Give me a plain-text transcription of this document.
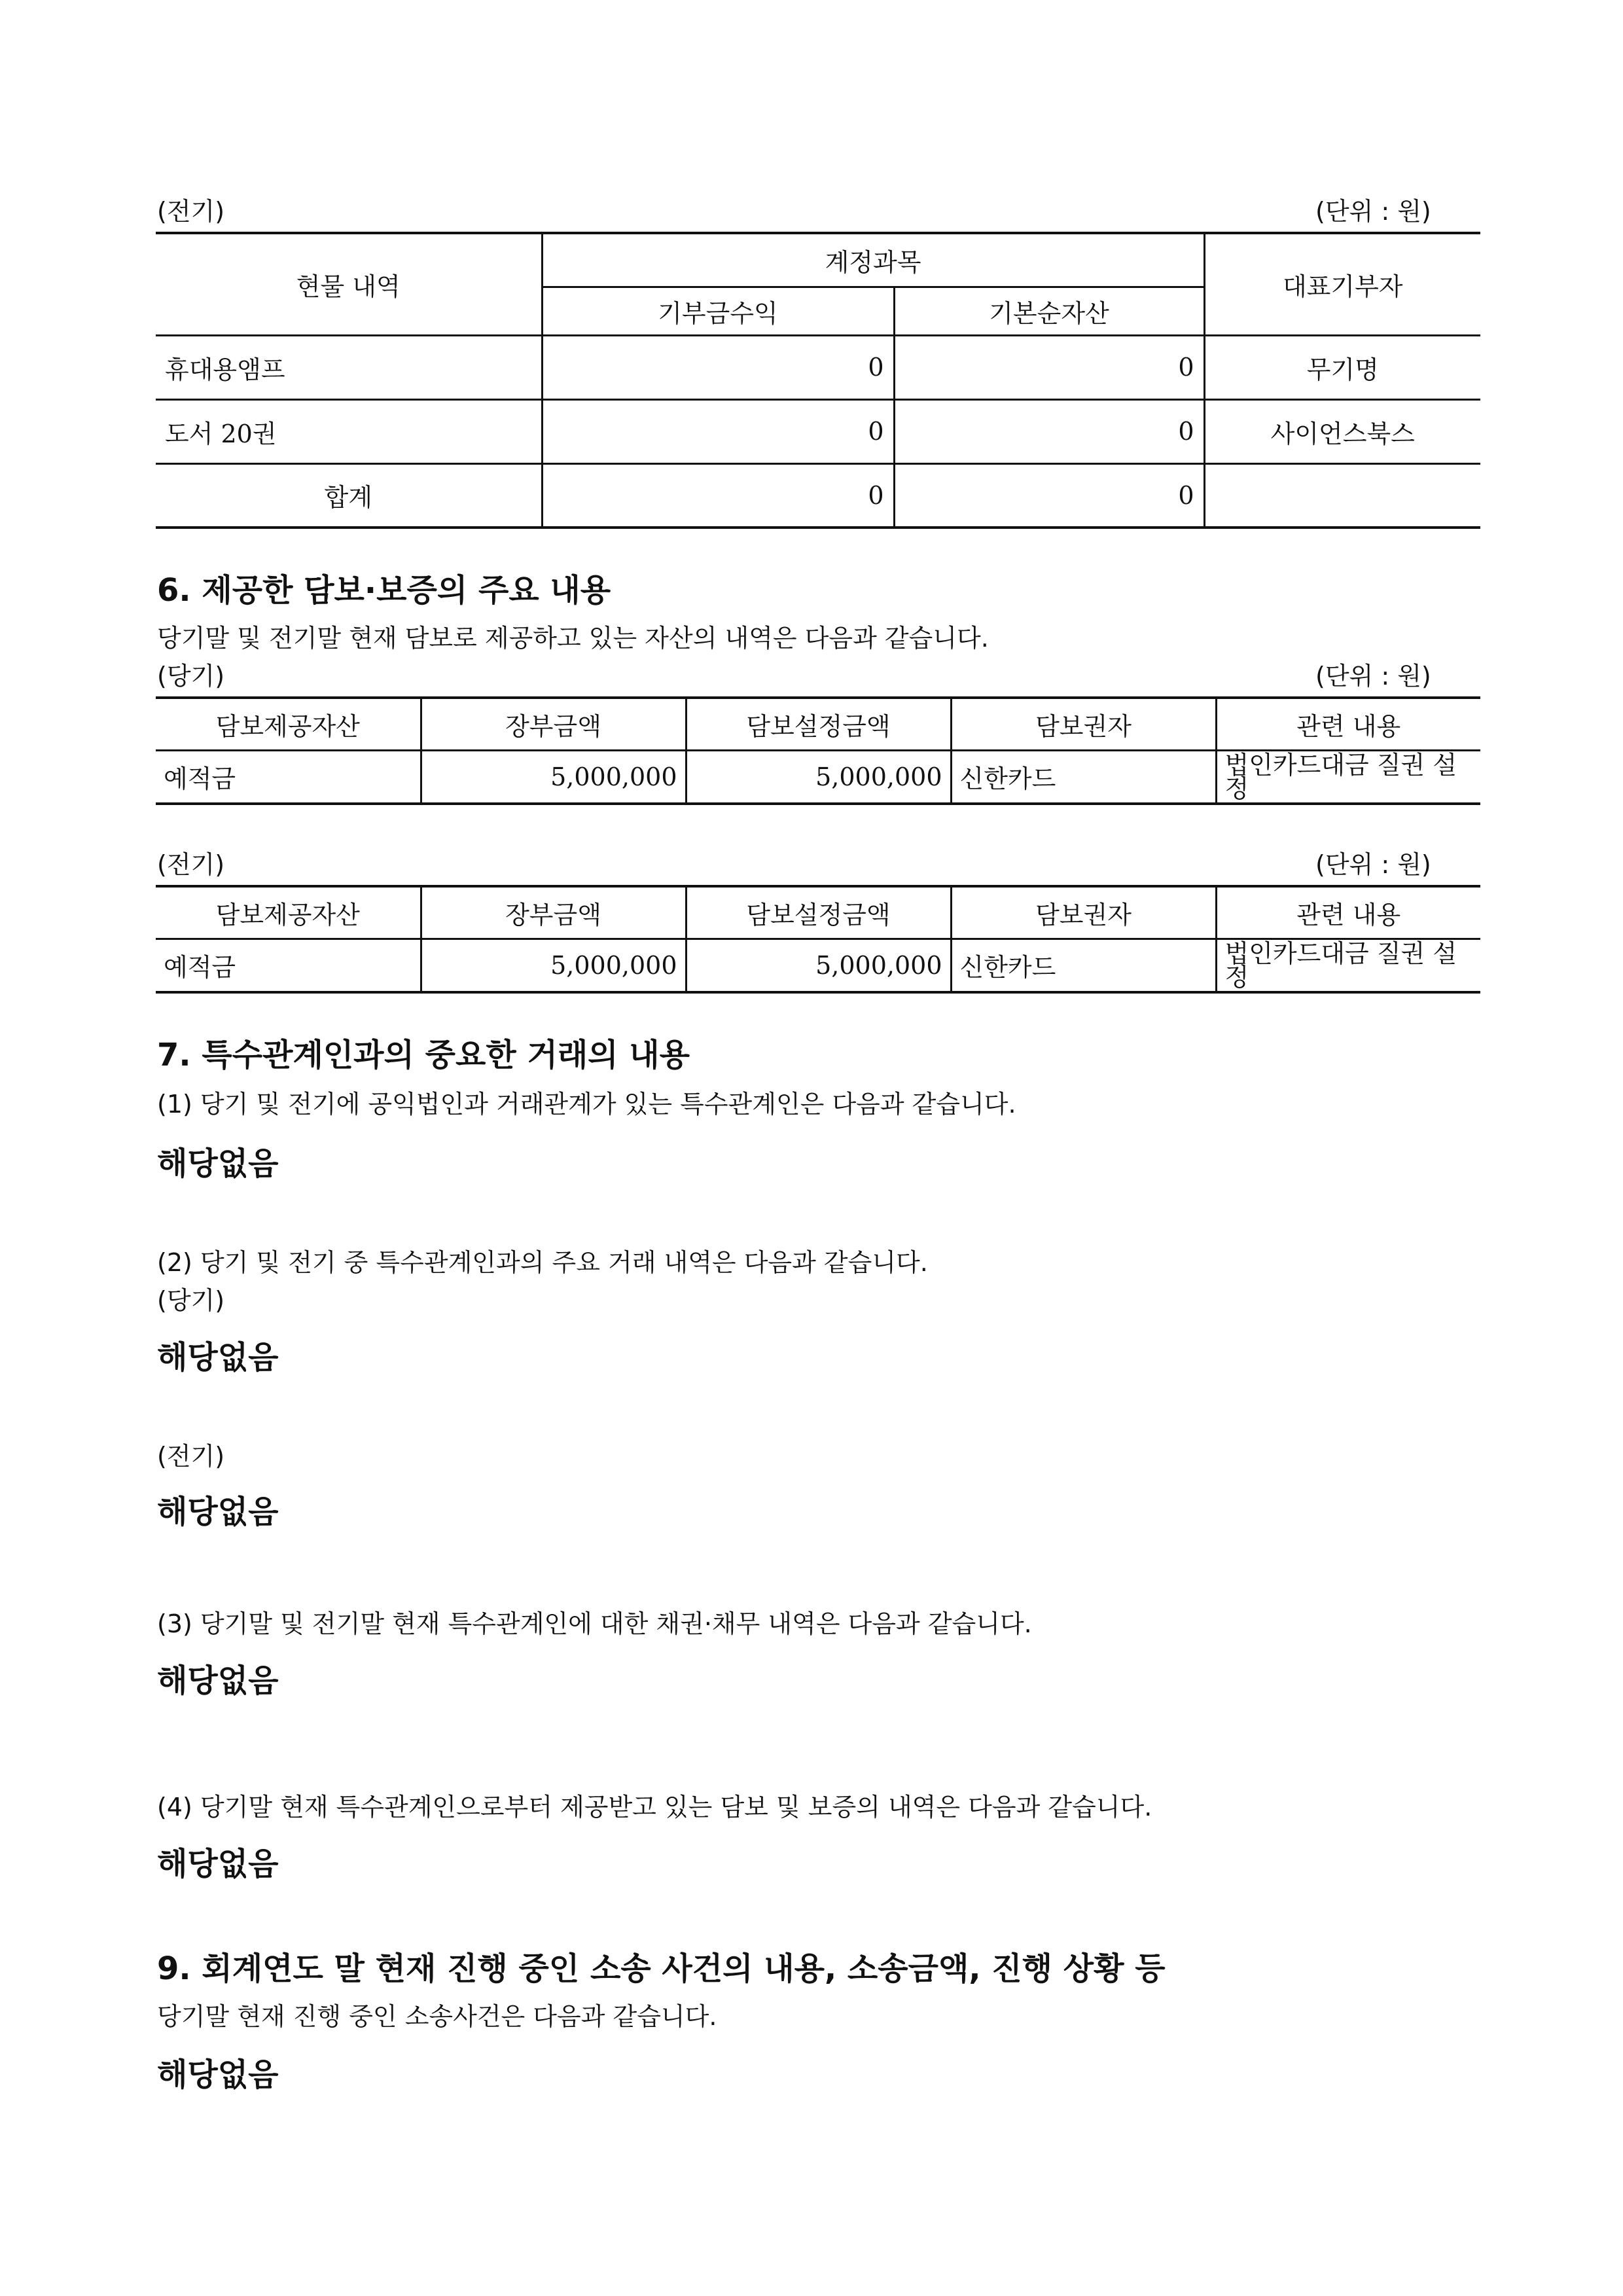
(전기)	(단위 : 원)
현물 내역	계정과목		대표기부자
	기부금수익	기본순자산	
휴대용앰프	0	0	무기명
도서 20권	0	0	사이언스북스
합계	0	0	
6. 제공한 담보·보증의 주요 내용
당기말 및 전기말 현재 담보로 제공하고 있는 자산의 내역은 다음과 같습니다.
(당기)	(단위 : 원)
담보제공자산	장부금액	담보설정금액	담보권자	관련 내용
예적금	5,000,000	5,000,000	신한카드	법인카드대금 질권 설정
(전기)	(단위 : 원)
담보제공자산	장부금액	담보설정금액	담보권자	관련 내용
예적금	5,000,000	5,000,000	신한카드	법인카드대금 질권 설정
7. 특수관계인과의 중요한 거래의 내용
(1) 당기 및 전기에 공익법인과 거래관계가 있는 특수관계인은 다음과 같습니다.
해당없음
(2) 당기 및 전기 중 특수관계인과의 주요 거래 내역은 다음과 같습니다.
(당기)
해당없음
(전기)
해당없음
(3) 당기말 및 전기말 현재 특수관계인에 대한 채권·채무 내역은 다음과 같습니다.
해당없음
(4) 당기말 현재 특수관계인으로부터 제공받고 있는 담보 및 보증의 내역은 다음과 같습니다.
해당없음
9. 회계연도 말 현재 진행 중인 소송 사건의 내용, 소송금액, 진행 상황 등
당기말 현재 진행 중인 소송사건은 다음과 같습니다.
해당없음
